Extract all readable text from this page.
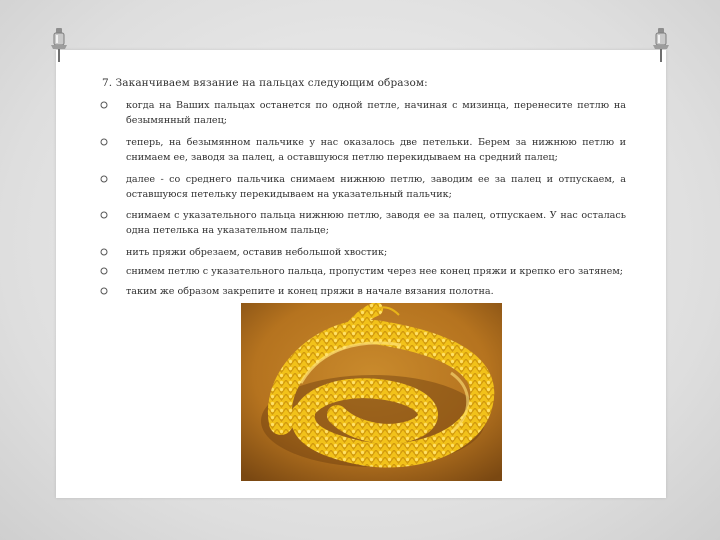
7. Заканчиваем вязание на пальцах следующим образом:
когда на Ваших пальцах останется по одной петле, начиная с мизинца, перенесите петлю на безымянный палец;
теперь, на безымянном пальчике у нас оказалось две петельки. Берем за нижнюю петлю и снимаем ее, заводя за палец, а оставшуюся петлю перекидываем на средний палец;
далее - со среднего пальчика снимаем нижнюю петлю, заводим ее за палец и отпускаем, а оставшуюся петельку перекидываем на указательный пальчик;
снимаем с указательного пальца нижнюю петлю, заводя ее за палец, отпускаем. У нас осталась одна петелька на указательном пальце;
нить пряжи обрезаем, оставив небольшой хвостик;
снимем петлю с указательного пальца, пропустим через нее конец пряжи и крепко его затянем;
таким же образом закрепите и конец пряжи в начале вязания полотна.
